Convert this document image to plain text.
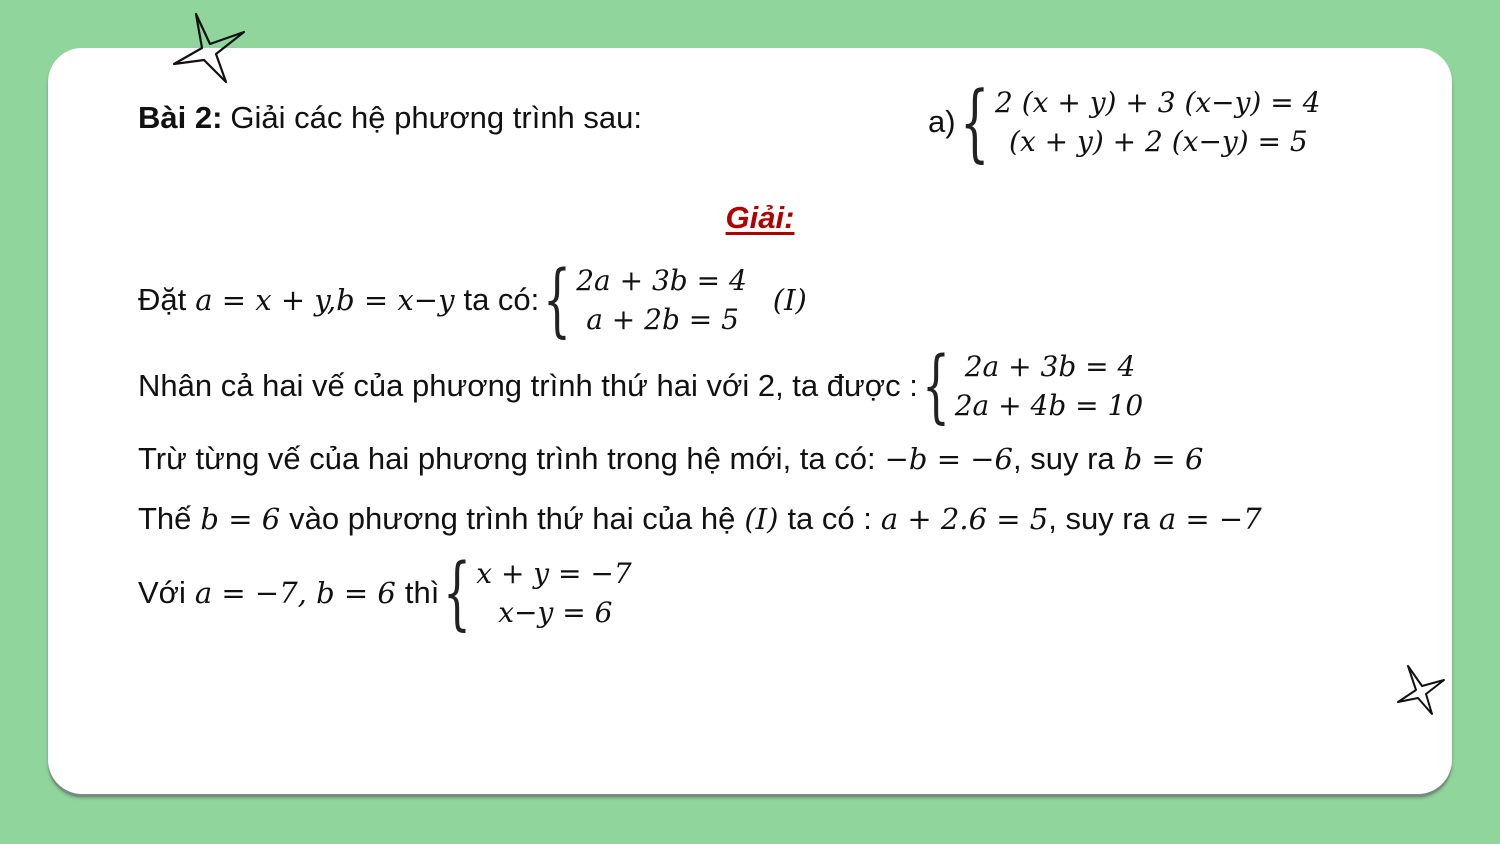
Bài 2: Giải các hệ phương trình sau:	a) { 2 (x + y) + 3 (x−y) = 4
(x + y) + 2 (x−y) = 5
Giải:
Đặt a = x + y,b = x−y ta có: { 2a + 3b = 4
a + 2b = 5
(I)
Nhân cả hai vế của phương trình thứ hai với 2, ta được : { 2a + 3b = 4
2a + 4b = 10
Trừ từng vế của hai phương trình trong hệ mới, ta có: −b = −6 , suy ra b = 6
Thế b = 6 vào phương trình thứ hai của hệ (I) ta có : a + 2.6 = 5 , suy ra a = −7
Với a = −7, b = 6 thì { x + y = −7
x−y = 6
